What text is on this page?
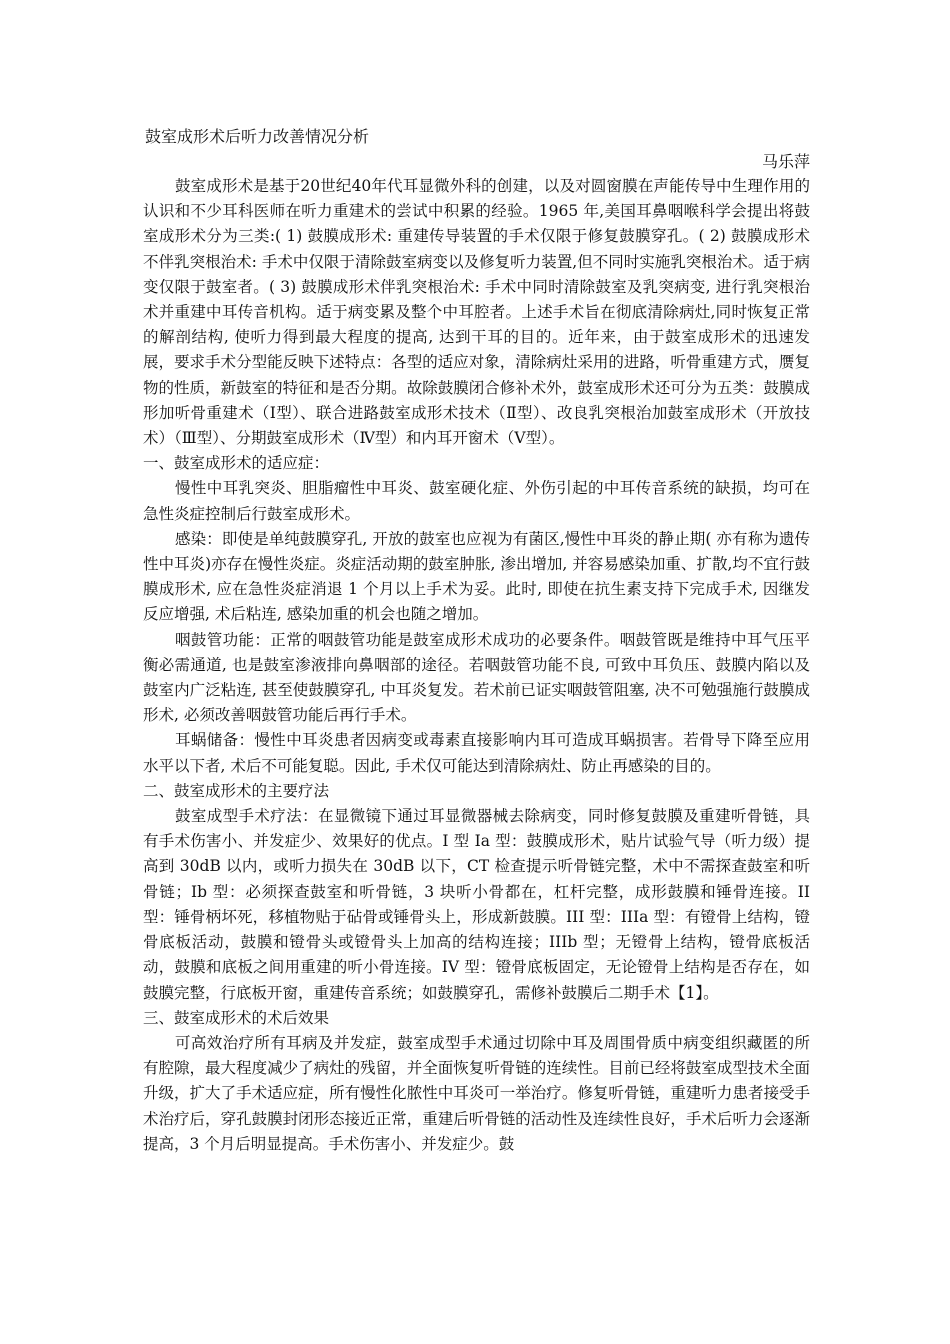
鼓室成形术后听力改善情况分析

马乐萍

鼓室成形术是基于20世纪40年代耳显微外科的创建，以及对圆窗膜在声能传导中生理作用的认识和不少耳科医师在听力重建术的尝试中积累的经验。1965 年,美国耳鼻咽喉科学会提出将鼓室成形术分为三类:( 1) 鼓膜成形术: 重建传导装置的手术仅限于修复鼓膜穿孔。( 2) 鼓膜成形术不伴乳突根治术: 手术中仅限于清除鼓室病变以及修复听力装置,但不同时实施乳突根治术。适于病变仅限于鼓室者。( 3) 鼓膜成形术伴乳突根治术: 手术中同时清除鼓室及乳突病变, 进行乳突根治术并重建中耳传音机构。适于病变累及整个中耳腔者。上述手术旨在彻底清除病灶,同时恢复正常的解剖结构, 使听力得到最大程度的提高, 达到干耳的目的。近年来，由于鼓室成形术的迅速发展，要求手术分型能反映下述特点：各型的适应对象，清除病灶采用的进路，听骨重建方式，赝复物的性质，新鼓室的特征和是否分期。故除鼓膜闭合修补术外，鼓室成形术还可分为五类：鼓膜成形加听骨重建术（Ⅰ型）、联合进路鼓室成形术技术（Ⅱ型）、改良乳突根治加鼓室成形术（开放技术）（Ⅲ型）、分期鼓室成形术（Ⅳ型）和内耳开窗术（Ⅴ型）。

一、鼓室成形术的适应症：

慢性中耳乳突炎、胆脂瘤性中耳炎、鼓室硬化症、外伤引起的中耳传音系统的缺损，均可在急性炎症控制后行鼓室成形术。

感染：即使是单纯鼓膜穿孔, 开放的鼓室也应视为有菌区,慢性中耳炎的静止期( 亦有称为遗传性中耳炎)亦存在慢性炎症。炎症活动期的鼓室肿胀, 渗出增加, 并容易感染加重、扩散,均不宜行鼓膜成形术, 应在急性炎症消退 1 个月以上手术为妥。此时, 即使在抗生素支持下完成手术, 因继发反应增强, 术后粘连, 感染加重的机会也随之增加。

咽鼓管功能：正常的咽鼓管功能是鼓室成形术成功的必要条件。咽鼓管既是维持中耳气压平衡必需通道, 也是鼓室渗液排向鼻咽部的途径。若咽鼓管功能不良, 可致中耳负压、鼓膜内陷以及鼓室内广泛粘连, 甚至使鼓膜穿孔, 中耳炎复发。若术前已证实咽鼓管阻塞, 决不可勉强施行鼓膜成形术, 必须改善咽鼓管功能后再行手术。

耳蜗储备：慢性中耳炎患者因病变或毒素直接影响内耳可造成耳蜗损害。若骨导下降至应用水平以下者, 术后不可能复聪。因此, 手术仅可能达到清除病灶、防止再感染的目的。

二、鼓室成形术的主要疗法

鼓室成型手术疗法：在显微镜下通过耳显微器械去除病变，同时修复鼓膜及重建听骨链，具有手术伤害小、并发症少、效果好的优点。I 型 Ia 型：鼓膜成形术，贴片试验气导（听力级）提高到 30dB 以内，或听力损失在 30dB 以下，CT 检查提示听骨链完整，术中不需探查鼓室和听骨链；Ib 型：必须探查鼓室和听骨链，3 块听小骨都在，杠杆完整，成形鼓膜和锤骨连接。II 型：锤骨柄坏死，移植物贴于砧骨或锤骨头上，形成新鼓膜。III 型：IIIa 型：有镫骨上结构，镫骨底板活动，鼓膜和镫骨头或镫骨头上加高的结构连接；IIIb 型；无镫骨上结构，镫骨底板活动，鼓膜和底板之间用重建的听小骨连接。IV 型：镫骨底板固定，无论镫骨上结构是否存在，如鼓膜完整，行底板开窗，重建传音系统；如鼓膜穿孔，需修补鼓膜后二期手术【1】。

三、鼓室成形术的术后效果

可高效治疗所有耳病及并发症，鼓室成型手术通过切除中耳及周围骨质中病变组织藏匿的所有腔隙，最大程度减少了病灶的残留，并全面恢复听骨链的连续性。目前已经将鼓室成型技术全面升级，扩大了手术适应症，所有慢性化脓性中耳炎可一举治疗。修复听骨链，重建听力患者接受手术治疗后，穿孔鼓膜封闭形态接近正常，重建后听骨链的活动性及连续性良好，手术后听力会逐渐提高，3 个月后明显提高。手术伤害小、并发症少。鼓
